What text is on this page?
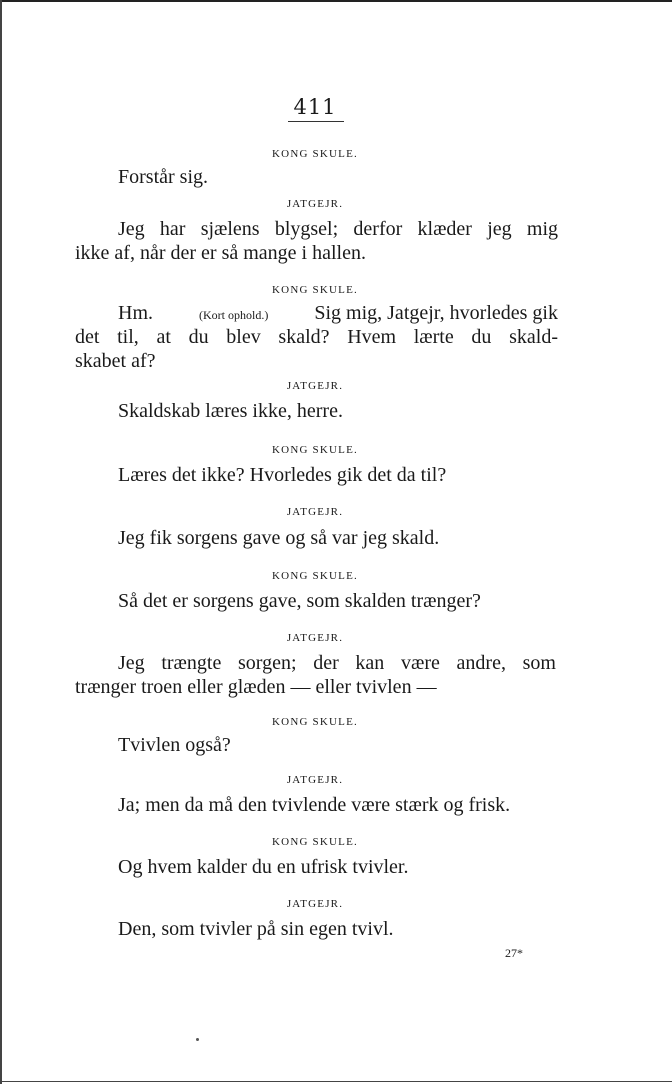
411
KONG SKULE.
Forstår sig.
JATGEJR.
Jeg har sjælens blygsel; derfor klæder jeg mig
ikke af, når der er så mange i hallen.
KONG SKULE.
Hm.	(Kort ophold.) Sig mig, Jatgejr, hvorledes gik
det til, at du blev skald? Hvem lærte du skald-
skabet af?
JATGEJR.
Skaldskab læres ikke, herre.
KONG SKULE.
Læres det ikke? Hvorledes gik det da til?
JATGEJR.
Jeg fik sorgens gave og så var jeg skald.
KONG SKULE.
Så det er sorgens gave, som skalden trænger?
JATGEJR.
Jeg trængte sorgen; der kan være andre, som
trænger troen eller glæden — eller tvivlen —
KONG SKULE.
Tvivlen også?
JATGEJR.
Ja; men da må den tvivlende være stærk og frisk.
KONG SKULE.
Og hvem kalder du en ufrisk tvivler.
JATGEJR.
Den, som tvivler på sin egen tvivl.
27*
